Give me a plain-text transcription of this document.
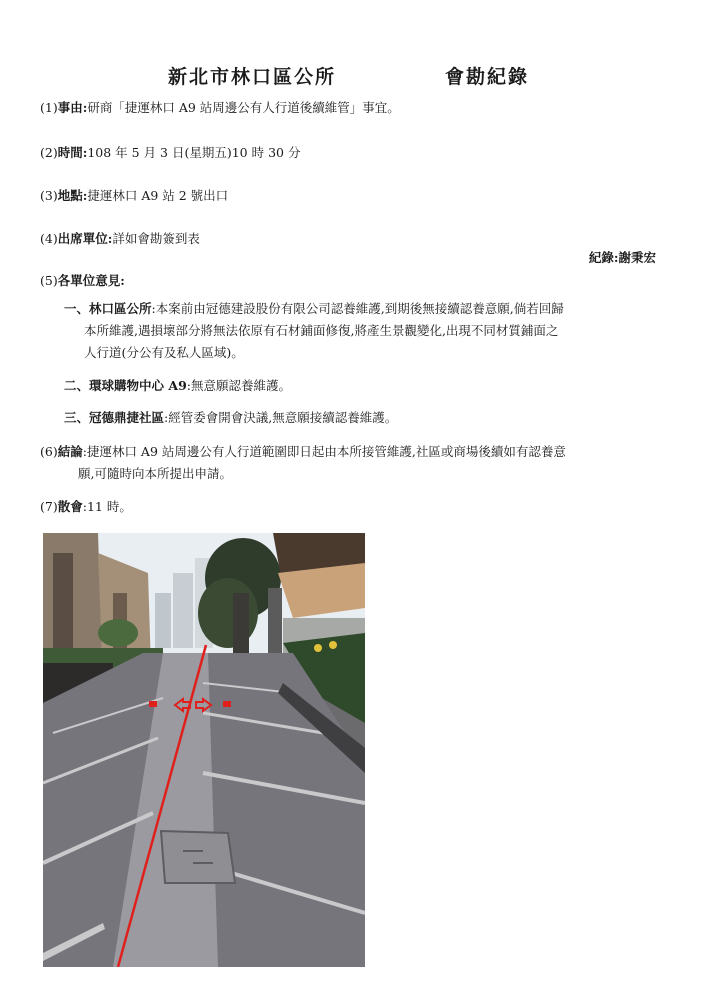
新北市林口區公所	會勘紀錄
(1)事由:研商「捷運林口 A9 站周邊公有人行道後續維管」事宜。
(2)時間:108 年 5 月 3 日(星期五)10 時 30 分
(3)地點:捷運林口 A9 站 2 號出口
(4)出席單位:詳如會勘簽到表
紀錄:謝秉宏
(5)各單位意見:
一、林口區公所:本案前由冠德建設股份有限公司認養維護,到期後無接續認養意願,倘若回歸
本所維護,遇損壞部分將無法依原有石材鋪面修復,將產生景觀變化,出現不同材質鋪面之
人行道(分公有及私人區域)。
二、環球購物中心 A9:無意願認養維護。
三、冠德鼎捷社區:經管委會開會決議,無意願接續認養維護。
(6)結論:捷運林口 A9 站周邊公有人行道範圍即日起由本所接管維護,社區或商場後續如有認養意
願,可隨時向本所提出申請。
(7)散會:11 時。
